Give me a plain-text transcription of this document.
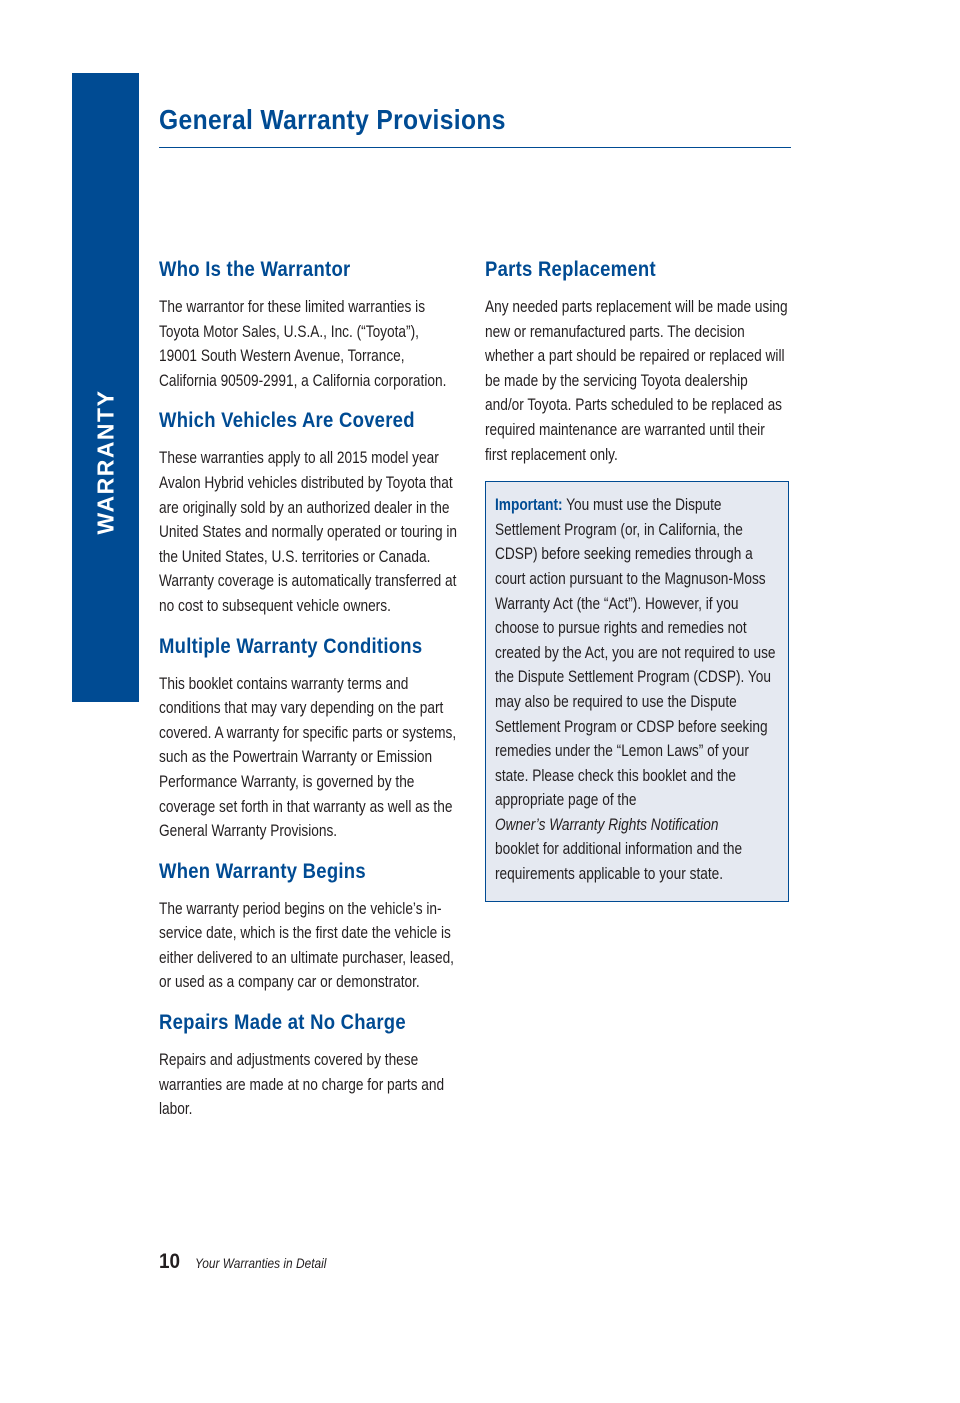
WARRANTY
General Warranty Provisions
Who Is the Warrantor

The warrantor for these limited warranties is Toyota Motor Sales, U.S.A., Inc. (“Toyota”), 19001 South Western Avenue, Torrance, California 90509-2991, a California corporation.

Which Vehicles Are Covered

These warranties apply to all 2015 model year Avalon Hybrid vehicles distributed by Toyota that are originally sold by an authorized dealer in the United States and normally operated or touring in the United States, U.S. territories or Canada. Warranty coverage is automatically transferred at no cost to subsequent vehicle owners.

Multiple Warranty Conditions

This booklet contains warranty terms and conditions that may vary depending on the part covered. A warranty for specific parts or systems, such as the Powertrain Warranty or Emission Performance Warranty, is governed by the coverage set forth in that warranty as well as the General Warranty Provisions.

When Warranty Begins

The warranty period begins on the vehicle’s in-service date, which is the first date the vehicle is either delivered to an ultimate purchaser, leased, or used as a company car or demonstrator.

Repairs Made at No Charge

Repairs and adjustments covered by these warranties are made at no charge for parts and labor.

Parts Replacement

Any needed parts replacement will be made using new or remanufactured parts. The decision whether a part should be repaired or replaced will be made by the servicing Toyota dealership and/or Toyota. Parts scheduled to be replaced as required maintenance are warranted until their first replacement only.

Important: You must use the Dispute Settlement Program (or, in California, the CDSP) before seeking remedies through a court action pursuant to the Magnuson-Moss Warranty Act (the “Act”). However, if you choose to pursue rights and remedies not created by the Act, you are not required to use the Dispute Settlement Program (CDSP). You may also be required to use the Dispute Settlement Program or CDSP before seeking remedies under the “Lemon Laws” of your state. Please check this booklet and the appropriate page of the
Owner’s Warranty Rights Notification
booklet for additional information and the requirements applicable to your state.

10 Your Warranties in Detail
